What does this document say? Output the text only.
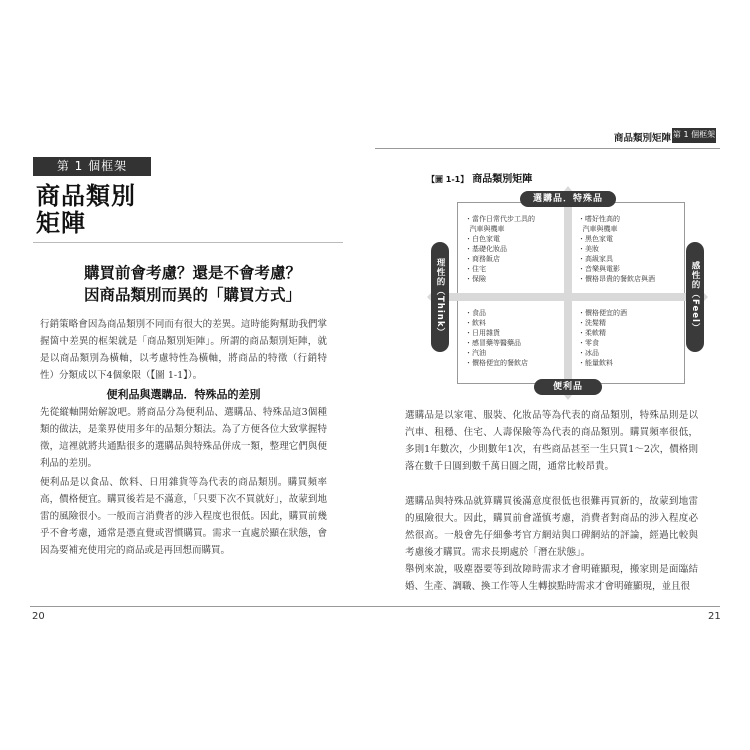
第 1 個框架
商品類別
矩陣
購買前會考慮？還是不會考慮？
因商品類別而異的「購買方式」
行銷策略會因為商品類別不同而有很大的差異。這時能夠幫助我們掌握箇中差異的框架就是「商品類別矩陣」。所謂的商品類別矩陣，就是以商品類別為橫軸，以考慮特性為橫軸，將商品的特徵（行銷特性）分類成以下4個象限（【圖 1-1】）。
便利品與選購品．特殊品的差別
先從縱軸開始解說吧。將商品分為便利品、選購品、特殊品這3個種類的做法，是業界使用多年的品類分類法。為了方便各位大致掌握特徵，這裡就將共通點很多的選購品與特殊品併成一類，整理它們與便利品的差別。
便利品是以食品、飲料、日用雜貨等為代表的商品類別。購買頻率高，價格便宜。購買後若是不滿意，「只要下次不買就好」，故蒙到地雷的風險很小。一般而言消費者的涉入程度也很低。因此，購買前幾乎不會考慮，通常是憑直覺或習慣購買。需求一直處於顯在狀態，會因為要補充使用完的商品或是再回想而購買。
20
商品類別矩陣 第 1 個框架
【圖 1-1】 商品類別矩陣
選購品．特殊品
便利品
理性的（Think）	感性的（Feel）
・ 當作日常代步工具的
汽車與機車
・ 白色家電
・ 基礎化妝品
・ 商務飯店
・ 住宅
・ 保險
・ 嗜好性高的
汽車與機車
・ 黑色家電
・ 美妝
・ 高級家具
・ 音樂與電影
・ 價格昂貴的餐飲店與酒
・ 食品
・ 飲料
・ 日用雜貨
・ 感冒藥等醫藥品
・ 汽油
・ 價格便宜的餐飲店
・ 價格便宜的酒
・ 洗髮精
・ 柔軟精
・ 零食
・ 冰品
・ 能量飲料
選購品是以家電、服裝、化妝品等為代表的商品類別，特殊品則是以汽車、租穩、住宅、人壽保險等為代表的商品類別。購買頻率很低，多則1年數次，少則數年1次，有些商品甚至一生只買1～2次，價格則落在數千日圓到數千萬日圓之間，通常比較昂貴。
選購品與特殊品就算購買後滿意度很低也很難再買新的，故蒙到地雷的風險很大。因此，購買前會謹慎考慮，消費者對商品的涉入程度必然很高。一般會先仔細參考官方網站與口碑網站的評論，經過比較與考慮後才購買。需求長期處於「潛在狀態」。
舉例來說，吸塵器要等到故障時需求才會明確顯現，搬家則是面臨結婚、生產、調職、換工作等人生轉捩點時需求才會明確顯現，並且很
21
